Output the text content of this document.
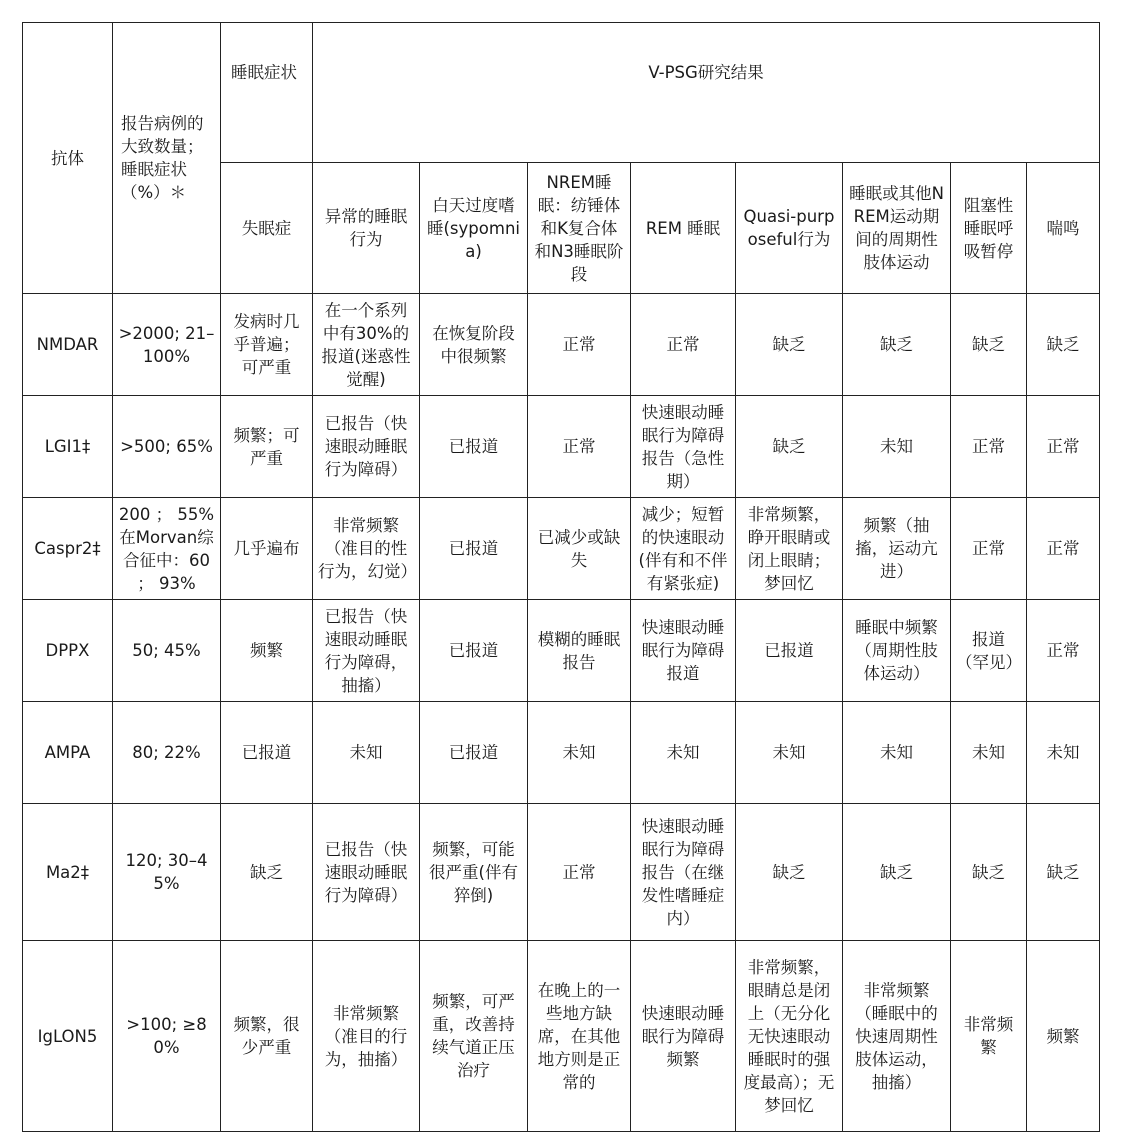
抗体	报告病例的大致数量；睡眠症状（%）＊	睡眠症状	V-PSG研究结果							
		失眠症	异常的睡眠行为	白天过度嗜睡(sypomnia)	NREM睡眠：纺锤体和K复合体和N3睡眠阶段	REM 睡眠	Quasi-purposeful行为	睡眠或其他NREM运动期间的周期性肢体运动	阻塞性睡眠呼吸暂停	喘鸣
NMDAR	>2000; 21–100%	发病时几乎普遍；可严重	在一个系列中有30%的报道(迷惑性觉醒)	在恢复阶段中很频繁	正常	正常	缺乏	缺乏	缺乏	缺乏
LGI1‡	>500; 65%	频繁；可严重	已报告（快速眼动睡眠行为障碍）	已报道	正常	快速眼动睡眠行为障碍报告（急性期）	缺乏	未知	正常	正常
Caspr2‡	200 ； 55%在Morvan综合征中：60 ； 93%	几乎遍布	非常频繁（准目的性行为，幻觉）	已报道	已减少或缺失	减少；短暂的快速眼动(伴有和不伴有紧张症)	非常频繁，睁开眼睛或闭上眼睛；梦回忆	频繁（抽搐，运动亢进）	正常	正常
DPPX	50; 45%	频繁	已报告（快速眼动睡眠行为障碍，抽搐）	已报道	模糊的睡眠报告	快速眼动睡眠行为障碍报道	已报道	睡眠中频繁（周期性肢体运动）	报道（罕见）	正常
AMPA	80; 22%	已报道	未知	已报道	未知	未知	未知	未知	未知	未知
Ma2‡	120; 30–45%	缺乏	已报告（快速眼动睡眠行为障碍）	频繁，可能很严重(伴有猝倒)	正常	快速眼动睡眠行为障碍报告（在继发性嗜睡症内）	缺乏	缺乏	缺乏	缺乏
IgLON5	>100; ≥80%	频繁，很少严重	非常频繁（准目的行为，抽搐）	频繁，可严重，改善持续气道正压治疗	在晚上的一些地方缺席，在其他地方则是正常的	快速眼动睡眠行为障碍频繁	非常频繁，眼睛总是闭上（无分化无快速眼动睡眠时的强度最高）；无梦回忆	非常频繁（睡眠中的快速周期性肢体运动，抽搐）	非常频繁	频繁
